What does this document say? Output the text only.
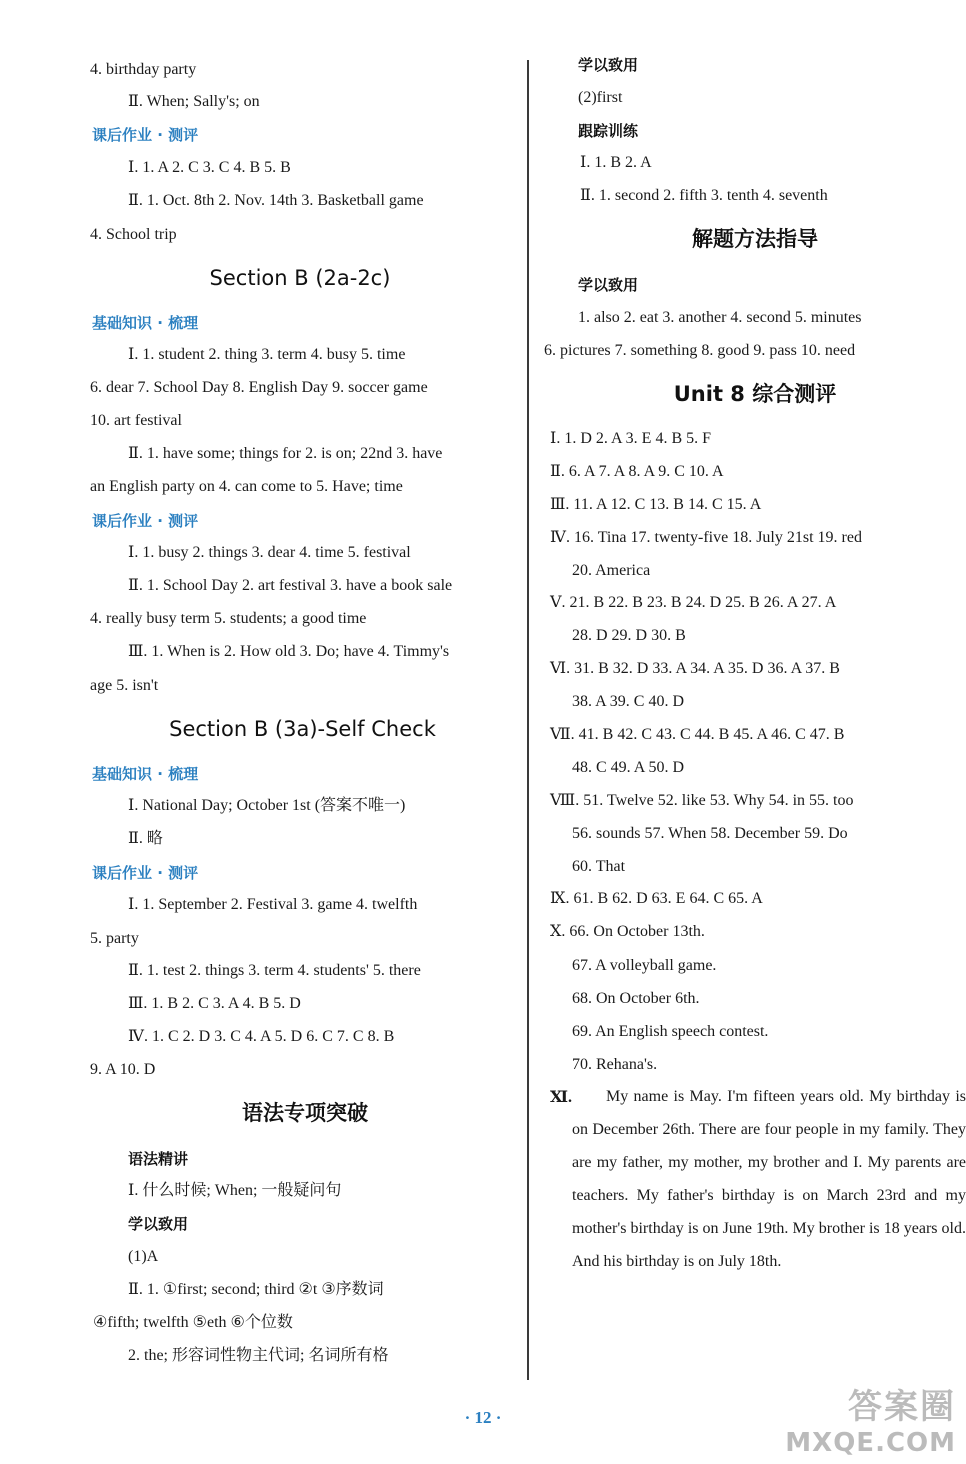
4. birthday party
Ⅱ. When; Sally's; on
课后作业 · 测评
Ⅰ. 1. A 2. C 3. C 4. B 5. B
Ⅱ. 1. Oct. 8th 2. Nov. 14th 3. Basketball game
4. School trip
Section B (2a-2c)
基础知识 · 梳理
Ⅰ. 1. student 2. thing 3. term 4. busy 5. time
6. dear 7. School Day 8. English Day 9. soccer game
10. art festival
Ⅱ. 1. have some; things for 2. is on; 22nd 3. have
an English party on 4. can come to 5. Have; time
课后作业 · 测评
Ⅰ. 1. busy 2. things 3. dear 4. time 5. festival
Ⅱ. 1. School Day 2. art festival 3. have a book sale
4. really busy term 5. students; a good time
Ⅲ. 1. When is 2. How old 3. Do; have 4. Timmy's
age 5. isn't
Section B (3a)-Self Check
基础知识 · 梳理
Ⅰ. National Day; October 1st (答案不唯一)
Ⅱ. 略
课后作业 · 测评
Ⅰ. 1. September 2. Festival 3. game 4. twelfth
5. party
Ⅱ. 1. test 2. things 3. term 4. students' 5. there
Ⅲ. 1. B 2. C 3. A 4. B 5. D
Ⅳ. 1. C 2. D 3. C 4. A 5. D 6. C 7. C 8. B
9. A 10. D
语法专项突破
语法精讲
Ⅰ. 什么时候; When; 一般疑问句
学以致用
(1)A
Ⅱ. 1. ①first; second; third ②t ③序数词
④fifth; twelfth ⑤eth ⑥个位数
2. the; 形容词性物主代词; 名词所有格
学以致用
(2)first
跟踪训练
Ⅰ. 1. B 2. A
Ⅱ. 1. second 2. fifth 3. tenth 4. seventh
解题方法指导
学以致用
1. also 2. eat 3. another 4. second 5. minutes
6. pictures 7. something 8. good 9. pass 10. need
Unit 8 综合测评
Ⅰ. 1. D 2. A 3. E 4. B 5. F
Ⅱ. 6. A 7. A 8. A 9. C 10. A
Ⅲ. 11. A 12. C 13. B 14. C 15. A
Ⅳ. 16. Tina 17. twenty-five 18. July 21st 19. red
20. America
Ⅴ. 21. B 22. B 23. B 24. D 25. B 26. A 27. A
28. D 29. D 30. B
Ⅵ. 31. B 32. D 33. A 34. A 35. D 36. A 37. B
38. A 39. C 40. D
Ⅶ. 41. B 42. C 43. C 44. B 45. A 46. C 47. B
48. C 49. A 50. D
Ⅷ. 51. Twelve 52. like 53. Why 54. in 55. too
56. sounds 57. When 58. December 59. Do
60. That
Ⅸ. 61. B 62. D 63. E 64. C 65. A
Ⅹ. 66. On October 13th.
67. A volleyball game.
68. On October 6th.
69. An English speech contest.
70. Rehana's.
Ⅺ.	My name is May. I'm fifteen years old. My birthday is on December 26th. There are four people in my family. They are my father, my mother, my brother and I. My parents are teachers. My father's birthday is on March 23rd and my mother's birthday is on June 19th. My brother is 18 years old. And his birthday is on July 18th.
· 12 ·	答案圈
MXQE.COM
